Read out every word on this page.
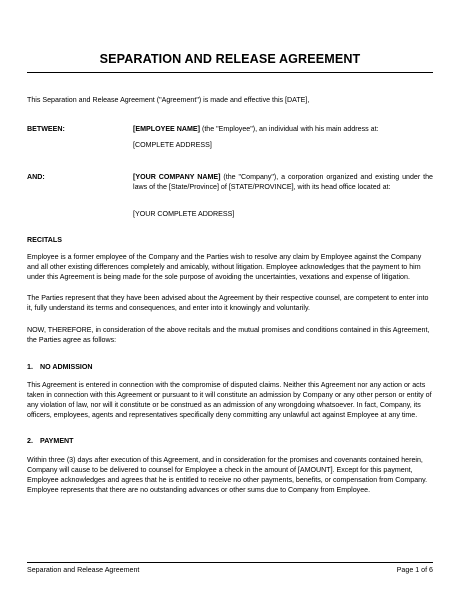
SEPARATION AND RELEASE AGREEMENT
This Separation and Release Agreement ("Agreement") is made and effective this [DATE],
BETWEEN:	[EMPLOYEE NAME] (the "Employee"), an individual with his main address at:
[COMPLETE ADDRESS]
AND:	[YOUR COMPANY NAME] (the "Company"), a corporation organized and existing under the laws of the [State/Province] of [STATE/PROVINCE], with its head office located at:
[YOUR COMPLETE ADDRESS]
RECITALS
Employee is a former employee of the Company and the Parties wish to resolve any claim by Employee against the Company and all other existing differences completely and amicably, without litigation. Employee acknowledges that the payment to him under this Agreement is being made for the sole purpose of avoiding the uncertainties, vexations and expense of litigation.
The Parties represent that they have been advised about the Agreement by their respective counsel, are competent to enter into it, fully understand its terms and consequences, and enter into it knowingly and voluntarily.
NOW, THEREFORE, in consideration of the above recitals and the mutual promises and conditions contained in this Agreement, the Parties agree as follows:
1. NO ADMISSION
This Agreement is entered in connection with the compromise of disputed claims. Neither this Agreement nor any action or acts taken in connection with this Agreement or pursuant to it will constitute an admission by Company or any other person or entity of any violation of law, nor will it constitute or be construed as an admission of any wrongdoing whatsoever. In fact, Company, its officers, employees, agents and representatives specifically deny committing any unlawful act against Employee at any time.
2. PAYMENT
Within three (3) days after execution of this Agreement, and in consideration for the promises and covenants contained herein, Company will cause to be delivered to counsel for Employee a check in the amount of [AMOUNT]. Except for this payment, Employee acknowledges and agrees that he is entitled to receive no other payments, benefits, or compensation from Company. Employee represents that there are no outstanding advances or other sums due to Company from Employee.
Separation and Release Agreement	Page 1 of 6
